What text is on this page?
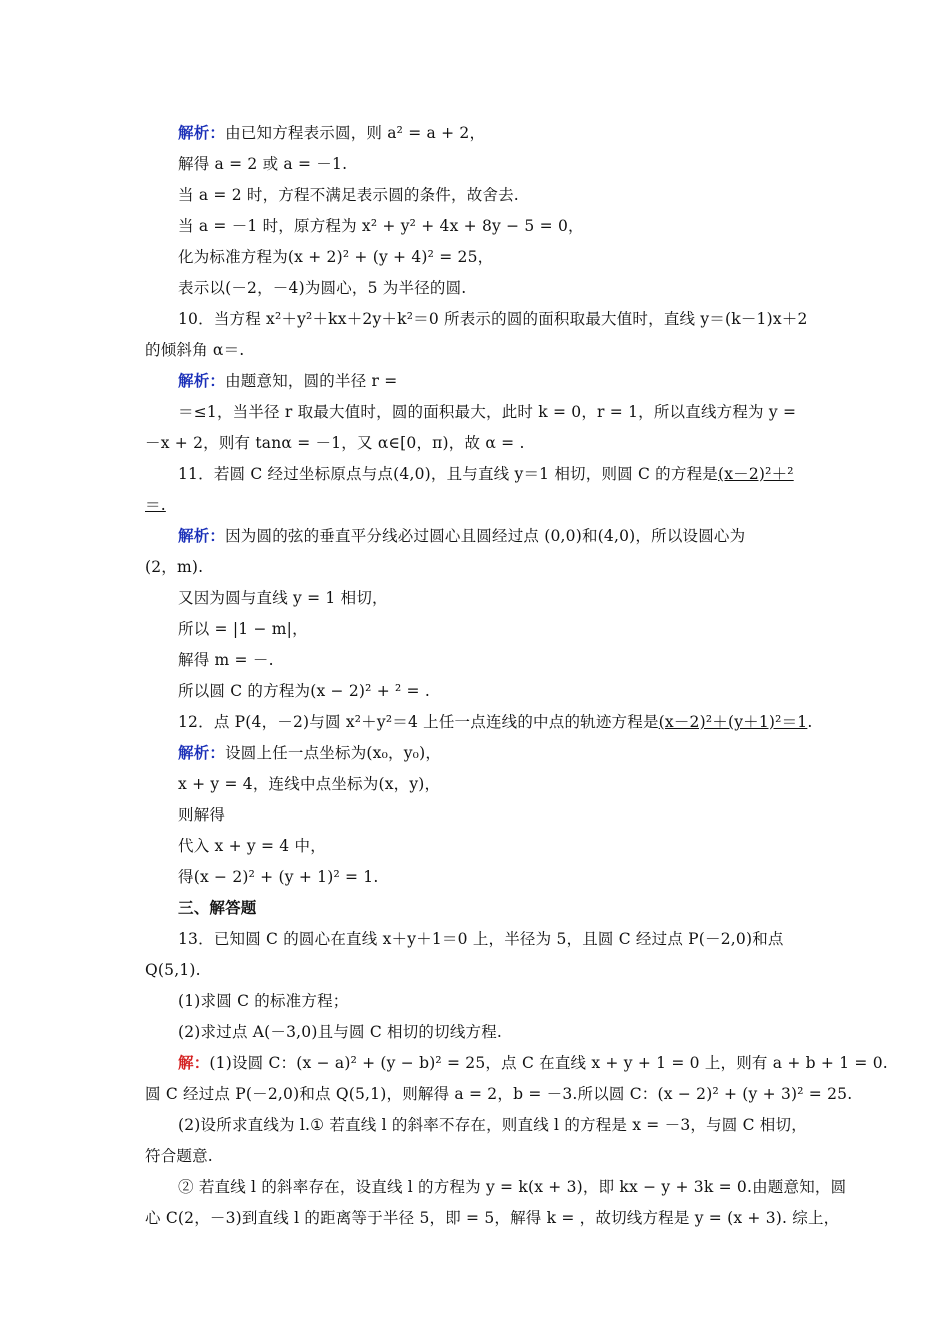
解析：由已知方程表示圆，则 a² = a + 2，
解得 a = 2 或 a = －1.
当 a = 2 时，方程不满足表示圆的条件，故舍去.
当 a = －1 时，原方程为 x² + y² + 4x + 8y − 5 = 0，
化为标准方程为(x + 2)² + (y + 4)² = 25，
表示以(－2，－4)为圆心，5 为半径的圆.
10．当方程 x²＋y²＋kx＋2y＋k²＝0 所表示的圆的面积取最大值时，直线 y＝(k－1)x＋2
的倾斜角 α＝.
解析：由题意知，圆的半径 r =
＝≤1，当半径 r 取最大值时，圆的面积最大，此时 k = 0，r = 1，所以直线方程为 y =
－x + 2，则有 tanα = －1，又 α∈[0，π)，故 α = .
11．若圆 C 经过坐标原点与点(4,0)，且与直线 y＝1 相切，则圆 C 的方程是(x－2)²＋²
＝.
解析：因为圆的弦的垂直平分线必过圆心且圆经过点 (0,0)和(4,0)，所以设圆心为
(2，m).
又因为圆与直线 y = 1 相切，
所以 = |1 − m|，
解得 m = －.
所以圆 C 的方程为(x − 2)² + ² = .
12．点 P(4，－2)与圆 x²＋y²＝4 上任一点连线的中点的轨迹方程是(x－2)²＋(y＋1)²＝1.
解析：设圆上任一点坐标为(x₀，y₀)，
x + y = 4，连线中点坐标为(x，y)，
则解得
代入 x + y = 4 中，
得(x − 2)² + (y + 1)² = 1.
三、解答题
13．已知圆 C 的圆心在直线 x＋y＋1＝0 上，半径为 5，且圆 C 经过点 P(－2,0)和点
Q(5,1).
(1)求圆 C 的标准方程；
(2)求过点 A(－3,0)且与圆 C 相切的切线方程.
解：(1)设圆 C：(x − a)² + (y − b)² = 25，点 C 在直线 x + y + 1 = 0 上，则有 a + b + 1 = 0.
圆 C 经过点 P(－2,0)和点 Q(5,1)，则解得 a = 2，b = －3.所以圆 C：(x − 2)² + (y + 3)² = 25.
(2)设所求直线为 l.① 若直线 l 的斜率不存在，则直线 l 的方程是 x = －3，与圆 C 相切，
符合题意.
② 若直线 l 的斜率存在，设直线 l 的方程为 y = k(x + 3)，即 kx − y + 3k = 0.由题意知，圆
心 C(2，－3)到直线 l 的距离等于半径 5，即 = 5，解得 k = ，故切线方程是 y = (x + 3). 综上，
